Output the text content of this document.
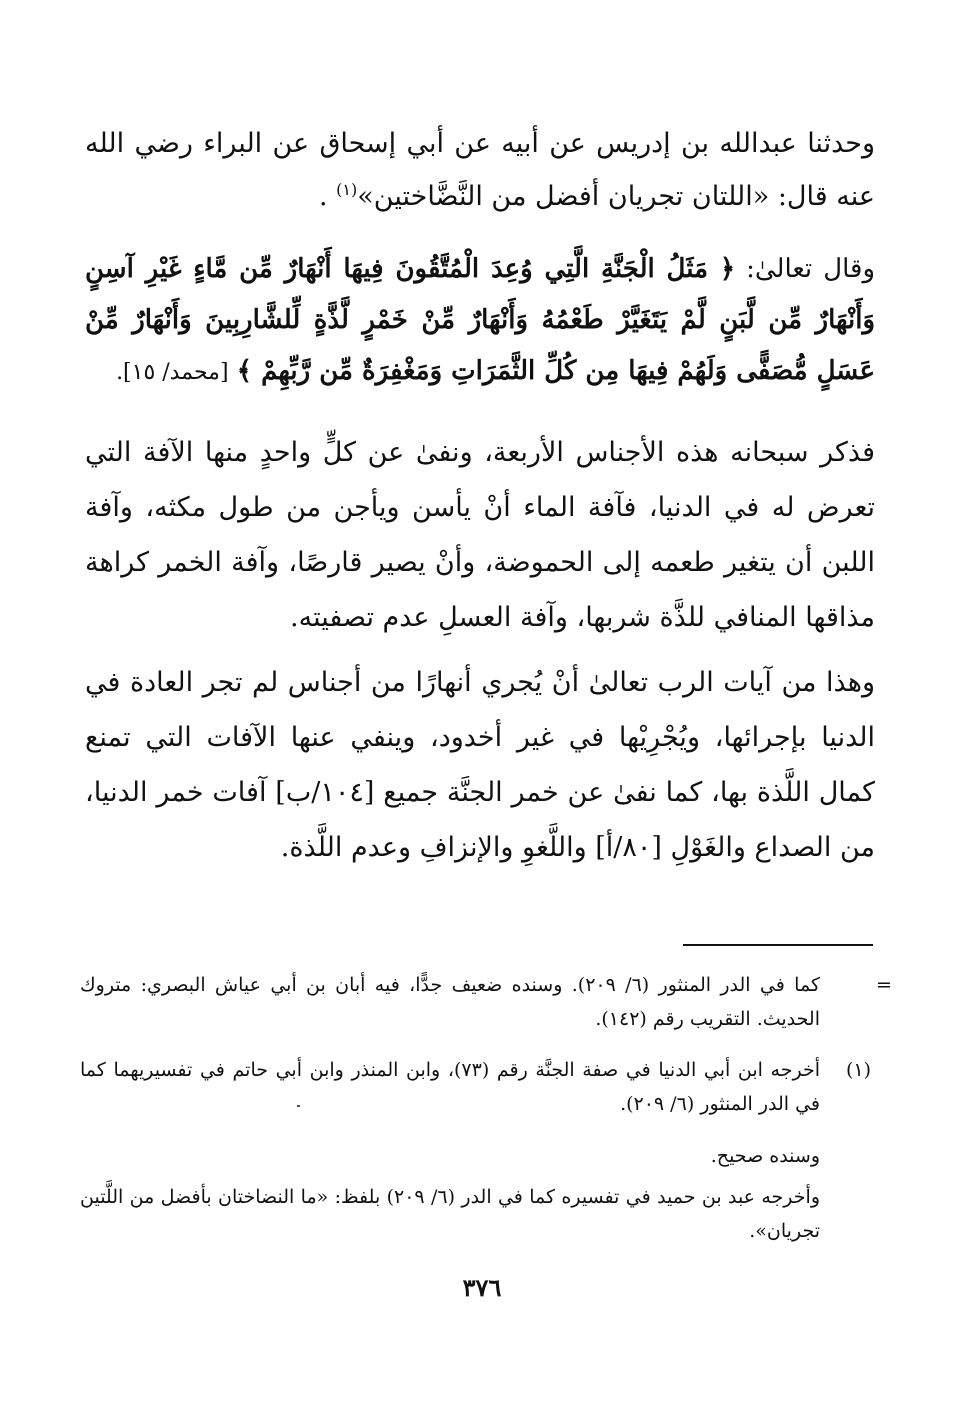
وحدثنا عبدالله بن إدريس عن أبيه عن أبي إسحاق عن البراء رضي الله عنه قال: «اللتان تجريان أفضل من النَّضَّاختين»$^{(١)}$ .

وقال تعالىٰ: ﴿ مَثَلُ الْجَنَّةِ الَّتِي وُعِدَ الْمُتَّقُونَ فِيهَا أَنْهَارٌ مِّن مَّاءٍ غَيْرِ آسِنٍ وَأَنْهَارٌ مِّن لَّبَنٍ لَّمْ يَتَغَيَّرْ طَعْمُهُ وَأَنْهَارٌ مِّنْ خَمْرٍ لَّذَّةٍ لِّلشَّارِبِينَ وَأَنْهَارٌ مِّنْ عَسَلٍ مُّصَفًّى وَلَهُمْ فِيهَا مِن كُلِّ الثَّمَرَاتِ وَمَغْفِرَةٌ مِّن رَّبِّهِمْ ﴾ [محمد/ ١٥].

فذكر سبحانه هذه الأجناس الأربعة، ونفىٰ عن كلٍّ واحدٍ منها الآفة التي تعرض له في الدنيا، فآفة الماء أنْ يأسن ويأجن من طول مكثه، وآفة اللبن أن يتغير طعمه إلى الحموضة، وأنْ يصير قارصًا، وآفة الخمر كراهة مذاقها المنافي للذَّة شربها، وآفة العسلِ عدم تصفيته.

وهذا من آيات الرب تعالىٰ أنْ يُجري أنهارًا من أجناس لم تجر العادة في الدنيا بإجرائها، ويُجْرِيْها في غير أخدود، وينفي عنها الآفات التي تمنع كمال اللَّذة بها، كما نفىٰ عن خمر الجنَّة جميع [١٠٤/ب] آفات خمر الدنيا، من الصداع والغَوْلِ [٨٠/أ] واللَّغوِ والإنزافِ وعدم اللَّذة.

=

كما في الدر المنثور (٦/ ٢٠٩). وسنده ضعيف جدًّا، فيه أبان بن أبي عياش البصري: متروك الحديث. التقريب رقم (١٤٢).

(١)

أخرجه ابن أبي الدنيا في صفة الجنَّة رقم (٧٣)، وابن المنذر وابن أبي حاتم في تفسيريهما كما في الدر المنثور (٦/ ٢٠٩).

وسنده صحيح.

وأخرجه عبد بن حميد في تفسيره كما في الدر (٦/ ٢٠٩) بلفظ: «ما النضاختان بأفضل من اللَّتين تجريان».

٣٧٦
